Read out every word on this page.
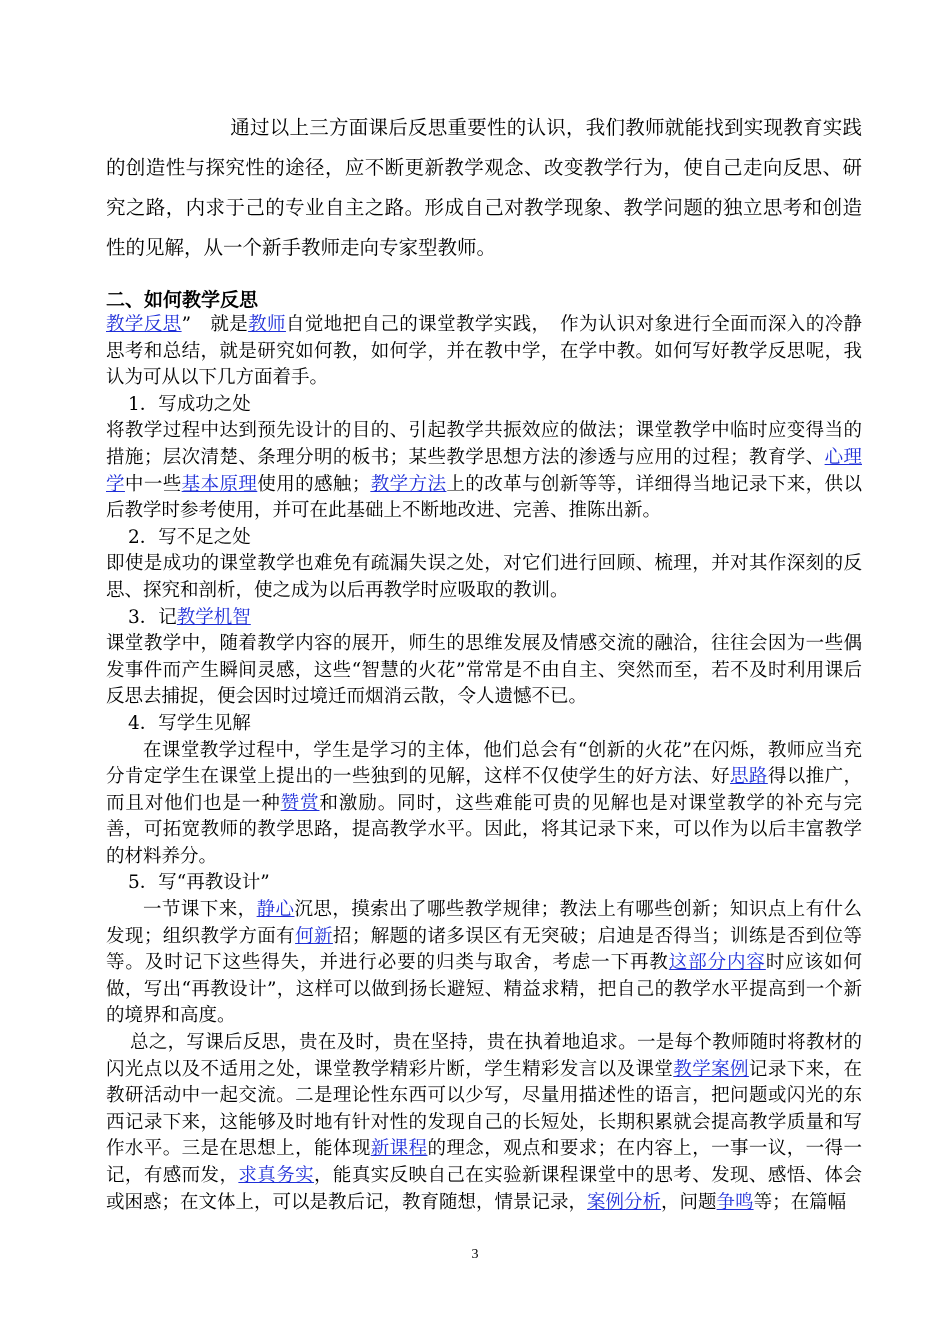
通过以上三方面课后反思重要性的认识，我们教师就能找到实现教育实践的创造性与探究性的途径，应不断更新教学观念、改变教学行为，使自己走向反思、研究之路，内求于己的专业自主之路。形成自己对教学现象、教学问题的独立思考和创造性的见解，从一个新手教师走向专家型教师。

二、如何教学反思

教学反思”　就是教师自觉地把自己的课堂教学实践，　作为认识对象进行全面而深入的冷静思考和总结，就是研究如何教，如何学，并在教中学，在学中教。如何写好教学反思呢，我认为可从以下几方面着手。

1．写成功之处

将教学过程中达到预先设计的目的、引起教学共振效应的做法；课堂教学中临时应变得当的措施；层次清楚、条理分明的板书；某些教学思想方法的渗透与应用的过程；教育学、心理学中一些基本原理使用的感触；教学方法上的改革与创新等等，详细得当地记录下来，供以后教学时参考使用，并可在此基础上不断地改进、完善、推陈出新。

2．写不足之处

即使是成功的课堂教学也难免有疏漏失误之处，对它们进行回顾、梳理，并对其作深刻的反思、探究和剖析，使之成为以后再教学时应吸取的教训。

3．记教学机智

课堂教学中，随着教学内容的展开，师生的思维发展及情感交流的融洽，往往会因为一些偶发事件而产生瞬间灵感，这些“智慧的火花”常常是不由自主、突然而至，若不及时利用课后反思去捕捉，便会因时过境迁而烟消云散，令人遗憾不已。

4．写学生见解

在课堂教学过程中，学生是学习的主体，他们总会有“创新的火花”在闪烁，教师应当充分肯定学生在课堂上提出的一些独到的见解，这样不仅使学生的好方法、好思路得以推广，而且对他们也是一种赞赏和激励。同时，这些难能可贵的见解也是对课堂教学的补充与完善，可拓宽教师的教学思路，提高教学水平。因此，将其记录下来，可以作为以后丰富教学的材料养分。

5．写“再教设计”

一节课下来，静心沉思，摸索出了哪些教学规律；教法上有哪些创新；知识点上有什么发现；组织教学方面有何新招；解题的诸多误区有无突破；启迪是否得当；训练是否到位等等。及时记下这些得失，并进行必要的归类与取舍，考虑一下再教这部分内容时应该如何做，写出“再教设计”，这样可以做到扬长避短、精益求精，把自己的教学水平提高到一个新的境界和高度。

总之，写课后反思，贵在及时，贵在坚持，贵在执着地追求。一是每个教师随时将教材的闪光点以及不适用之处，课堂教学精彩片断，学生精彩发言以及课堂教学案例记录下来，在教研活动中一起交流。二是理论性东西可以少写，尽量用描述性的语言，把问题或闪光的东西记录下来，这能够及时地有针对性的发现自己的长短处，长期积累就会提高教学质量和写作水平。三是在思想上，能体现新课程的理念，观点和要求；在内容上，一事一议，一得一记，有感而发，求真务实，能真实反映自己在实验新课程课堂中的思考、发现、感悟、体会或困惑；在文体上，可以是教后记，教育随想，情景记录，案例分析，问题争鸣等；在篇幅

3
